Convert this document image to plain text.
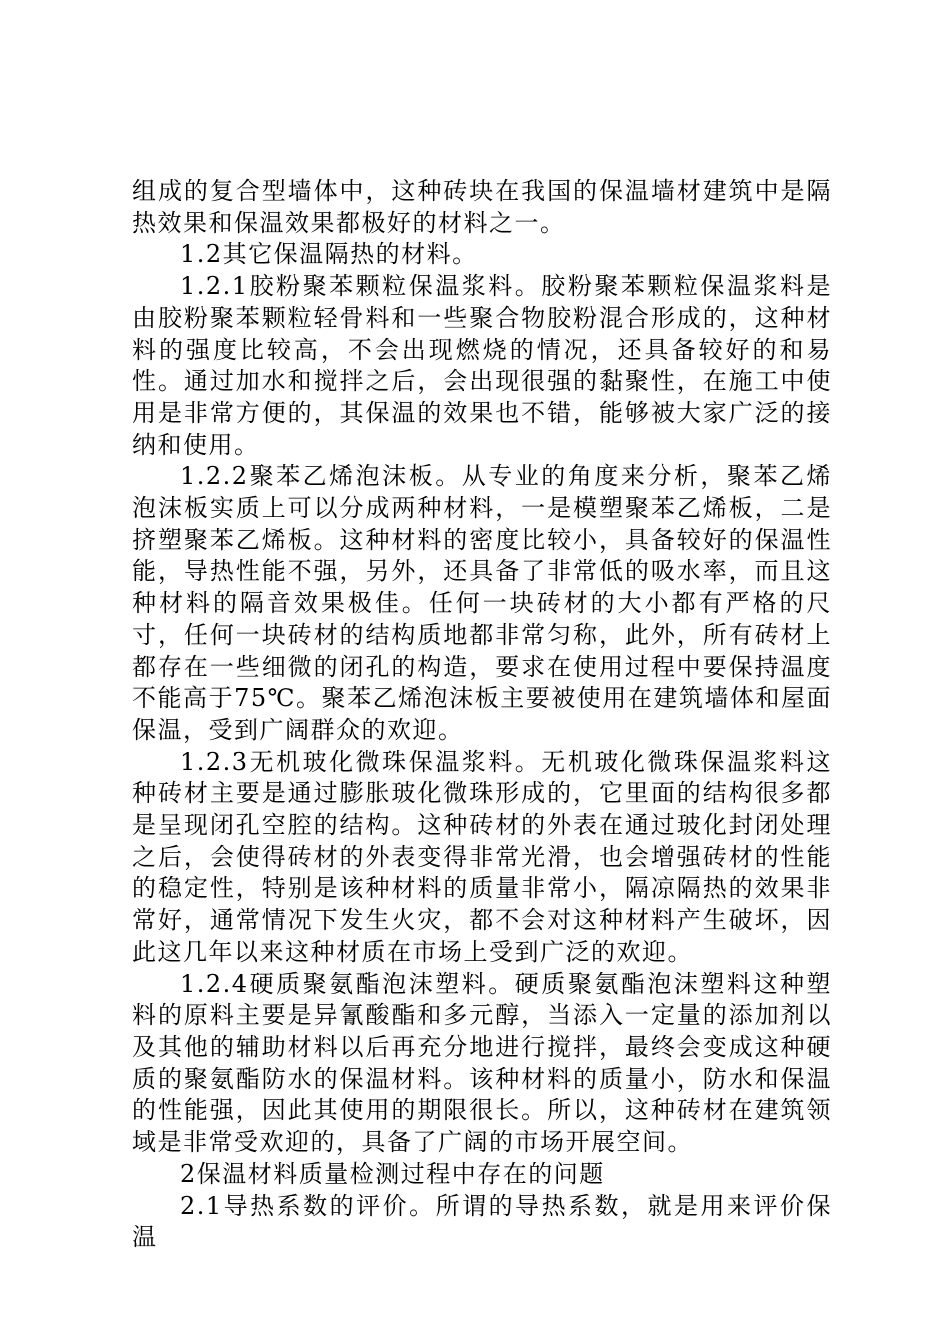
组成的复合型墙体中，这种砖块在我国的保温墙材建筑中是隔热效果和保温效果都极好的材料之一。

1.2其它保温隔热的材料。

1.2.1胶粉聚苯颗粒保温浆料。胶粉聚苯颗粒保温浆料是由胶粉聚苯颗粒轻骨料和一些聚合物胶粉混合形成的，这种材料的强度比较高，不会出现燃烧的情况，还具备较好的和易性。通过加水和搅拌之后，会出现很强的黏聚性，在施工中使用是非常方便的，其保温的效果也不错，能够被大家广泛的接纳和使用。

1.2.2聚苯乙烯泡沫板。从专业的角度来分析，聚苯乙烯泡沫板实质上可以分成两种材料，一是模塑聚苯乙烯板，二是挤塑聚苯乙烯板。这种材料的密度比较小，具备较好的保温性能，导热性能不强，另外，还具备了非常低的吸水率，而且这种材料的隔音效果极佳。任何一块砖材的大小都有严格的尺寸，任何一块砖材的结构质地都非常匀称，此外，所有砖材上都存在一些细微的闭孔的构造，要求在使用过程中要保持温度不能高于75℃。聚苯乙烯泡沫板主要被使用在建筑墙体和屋面保温，受到广阔群众的欢迎。

1.2.3无机玻化微珠保温浆料。无机玻化微珠保温浆料这种砖材主要是通过膨胀玻化微珠形成的，它里面的结构很多都是呈现闭孔空腔的结构。这种砖材的外表在通过玻化封闭处理之后，会使得砖材的外表变得非常光滑，也会增强砖材的性能的稳定性，特别是该种材料的质量非常小，隔凉隔热的效果非常好，通常情况下发生火灾，都不会对这种材料产生破坏，因此这几年以来这种材质在市场上受到广泛的欢迎。

1.2.4硬质聚氨酯泡沫塑料。硬质聚氨酯泡沫塑料这种塑料的原料主要是异氰酸酯和多元醇，当添入一定量的添加剂以及其他的辅助材料以后再充分地进行搅拌，最终会变成这种硬质的聚氨酯防水的保温材料。该种材料的质量小，防水和保温的性能强，因此其使用的期限很长。所以，这种砖材在建筑领域是非常受欢迎的，具备了广阔的市场开展空间。

2保温材料质量检测过程中存在的问题

2.1导热系数的评价。所谓的导热系数，就是用来评价保温
